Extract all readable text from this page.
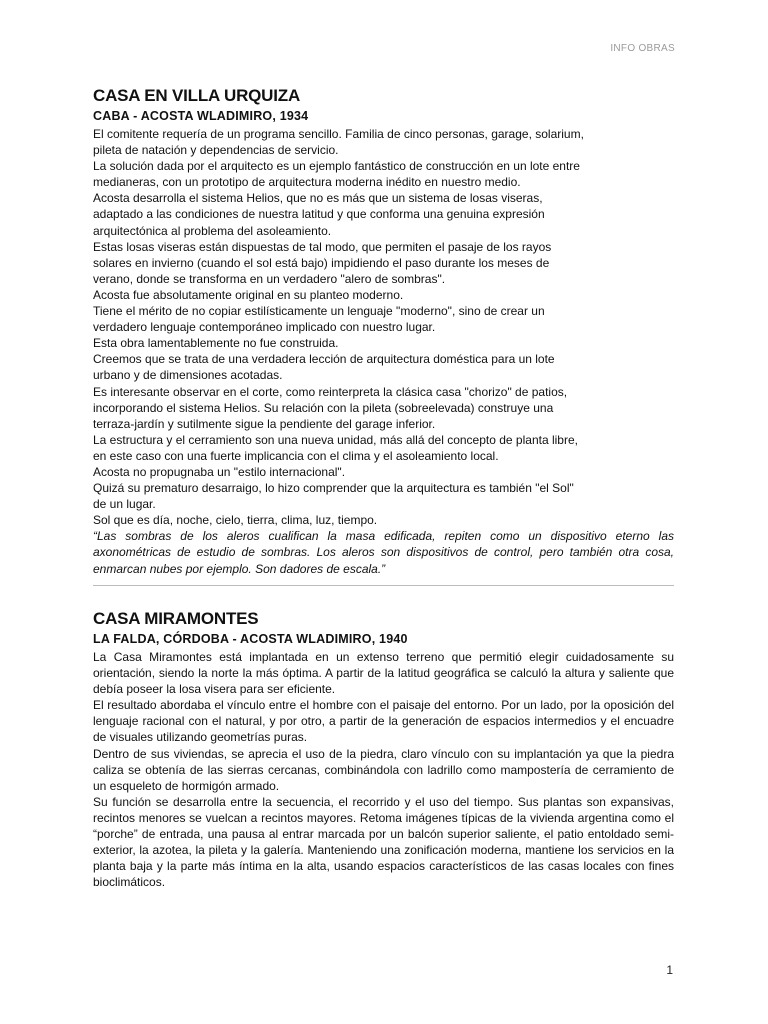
INFO OBRAS
CASA EN VILLA URQUIZA
CABA - ACOSTA WLADIMIRO, 1934
El comitente requería de un programa sencillo. Familia de cinco personas, garage, solarium,
pileta de natación y dependencias de servicio.
La solución dada por el arquitecto es un ejemplo fantástico de construcción en un lote entre
medianeras, con un prototipo de arquitectura moderna inédito en nuestro medio.
Acosta desarrolla el sistema Helios, que no es más que un sistema de losas viseras,
adaptado a las condiciones de nuestra latitud y que conforma una genuina expresión
arquitectónica al problema del asoleamiento.
Estas losas viseras están dispuestas de tal modo, que permiten el pasaje de los rayos
solares en invierno (cuando el sol está bajo) impidiendo el paso durante los meses de
verano, donde se transforma en un verdadero "alero de sombras".
Acosta fue absolutamente original en su planteo moderno.
Tiene el mérito de no copiar estilísticamente un lenguaje "moderno", sino de crear un
verdadero lenguaje contemporáneo implicado con nuestro lugar.
Esta obra lamentablemente no fue construida.
Creemos que se trata de una verdadera lección de arquitectura doméstica para un lote
urbano y de dimensiones acotadas.
Es interesante observar en el corte, como reinterpreta la clásica casa "chorizo" de patios,
incorporando el sistema Helios. Su relación con la pileta (sobreelevada) construye una
terraza-jardín y sutilmente sigue la pendiente del garage inferior.
La estructura y el cerramiento son una nueva unidad, más allá del concepto de planta libre,
en este caso con una fuerte implicancia con el clima y el asoleamiento local.
Acosta no propugnaba un "estilo internacional".
Quizá su prematuro desarraigo, lo hizo comprender que la arquitectura es también "el Sol"
de un lugar.
Sol que es día, noche, cielo, tierra, clima, luz, tiempo.
“Las sombras de los aleros cualifican la masa edificada, repiten como un dispositivo eterno las axonométricas de estudio de sombras. Los aleros son dispositivos de control, pero también otra cosa, enmarcan nubes por ejemplo. Son dadores de escala.”
CASA MIRAMONTES
LA FALDA, CÓRDOBA - ACOSTA WLADIMIRO, 1940
La Casa Miramontes está implantada en un extenso terreno que permitió elegir cuidadosamente su orientación, siendo la norte la más óptima. A partir de la latitud geográfica se calculó la altura y saliente que debía poseer la losa visera para ser eficiente.
El resultado abordaba el vínculo entre el hombre con el paisaje del entorno. Por un lado, por la oposición del lenguaje racional con el natural, y por otro, a partir de la generación de espacios intermedios y el encuadre de visuales utilizando geometrías puras.
Dentro de sus viviendas, se aprecia el uso de la piedra, claro vínculo con su implantación ya que la piedra caliza se obtenía de las sierras cercanas, combinándola con ladrillo como mampostería de cerramiento de un esqueleto de hormigón armado.
Su función se desarrolla entre la secuencia, el recorrido y el uso del tiempo. Sus plantas son expansivas, recintos menores se vuelcan a recintos mayores. Retoma imágenes típicas de la vivienda argentina como el “porche” de entrada, una pausa al entrar marcada por un balcón superior saliente, el patio entoldado semi- exterior, la azotea, la pileta y la galería. Manteniendo una zonificación moderna, mantiene los servicios en la planta baja y la parte más íntima en la alta, usando espacios característicos de las casas locales con fines bioclimáticos.
1
